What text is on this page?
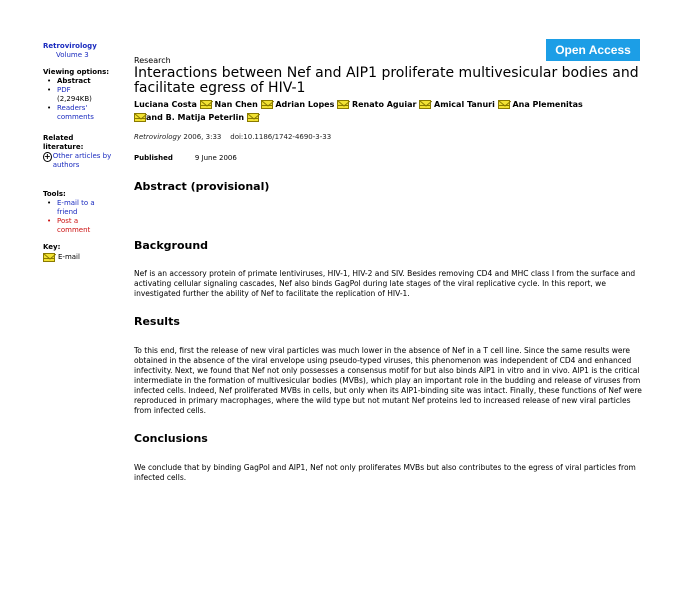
Retrovirology
Volume 3
Viewing options:
• Abstract
• PDF
(2,294KB)
• Readers' comments
Related literature:
+ Other articles by authors
Tools:
• E-mail to a friend
• Post a comment
Key:
E-mail
Open Access
Research
Interactions between Nef and AIP1 proliferate multivesicular bodies and facilitate egress of HIV-1
Luciana Costa Nan Chen Adrian Lopes Renato Aguiar Amical Tanuri Ana Plemenitas

and B. Matija Peterlin
Retrovirology 2006, 3:33 doi:10.1186/1742-4690-3-33
Published	9 June 2006
Abstract (provisional)
Background

Nef is an accessory protein of primate lentiviruses, HIV-1, HIV-2 and SIV. Besides removing CD4 and MHC class I from the surface and activating cellular signaling cascades, Nef also binds GagPol during late stages of the viral replicative cycle. In this report, we investigated further the ability of Nef to facilitate the replication of HIV-1.

Results

To this end, first the release of new viral particles was much lower in the absence of Nef in a T cell line. Since the same results were obtained in the absence of the viral envelope using pseudo-typed viruses, this phenomenon was independent of CD4 and enhanced infectivity. Next, we found that Nef not only possesses a consensus motif for but also binds AIP1 in vitro and in vivo. AIP1 is the critical intermediate in the formation of multivesicular bodies (MVBs), which play an important role in the budding and release of viruses from infected cells. Indeed, Nef proliferated MVBs in cells, but only when its AIP1-binding site was intact. Finally, these functions of Nef were reproduced in primary macrophages, where the wild type but not mutant Nef proteins led to increased release of new viral particles from infected cells.

Conclusions

We conclude that by binding GagPol and AIP1, Nef not only proliferates MVBs but also contributes to the egress of viral particles from infected cells.
